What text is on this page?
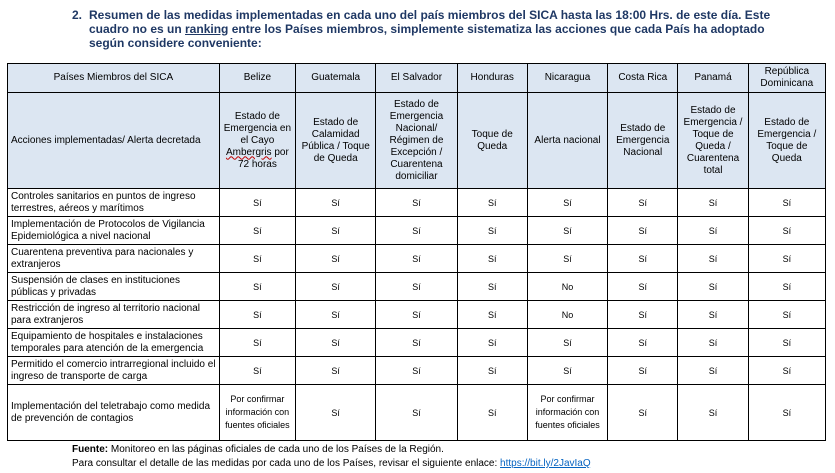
2. Resumen de las medidas implementadas en cada uno del país miembros del SICA hasta las 18:00 Hrs. de este día. Este cuadro no es un ranking entre los Países miembros, simplemente sistematiza las acciones que cada País ha adoptado según considere conveniente:
Países Miembros del SICA	Belize	Guatemala	El Salvador	Honduras	Nicaragua	Costa Rica	Panamá	República Dominicana
Acciones implementadas/ Alerta decretada	Estado de Emergencia en el Cayo Ambergris por 72 horas	Estado de Calamidad Pública / Toque de Queda	Estado de Emergencia Nacional/ Régimen de Excepción / Cuarentena domiciliar	Toque de Queda	Alerta nacional	Estado de Emergencia Nacional	Estado de Emergencia / Toque de Queda / Cuarentena total	Estado de Emergencia / Toque de Queda
Controles sanitarios en puntos de ingreso terrestres, aéreos y marítimos	Sí	Sí	Sí	Sí	Sí	Sí	Sí	Sí
Implementación de Protocolos de Vigilancia Epidemiológica a nivel nacional	Sí	Sí	Sí	Sí	Sí	Sí	Sí	Sí
Cuarentena preventiva para nacionales y extranjeros	Sí	Sí	Sí	Sí	Sí	Sí	Sí	Sí
Suspensión de clases en instituciones públicas y privadas	Sí	Sí	Sí	Sí	No	Sí	Sí	Sí
Restricción de ingreso al territorio nacional para extranjeros	Sí	Sí	Sí	Sí	No	Sí	Sí	Sí
Equipamiento de hospitales e instalaciones temporales para atención de la emergencia	Sí	Sí	Sí	Sí	Sí	Sí	Sí	Sí
Permitido el comercio intrarregional incluido el ingreso de transporte de carga	Sí	Sí	Sí	Sí	Sí	Sí	Sí	Sí
Implementación del teletrabajo como medida de prevención de contagios	Por confirmar información con fuentes oficiales	Sí	Sí	Sí	Por confirmar información con fuentes oficiales	Sí	Sí	Sí
Fuente: Monitoreo en las páginas oficiales de cada uno de los Países de la Región.
Para consultar el detalle de las medidas por cada uno de los Países, revisar el siguiente enlace: https://bit.ly/2JavIaQ
